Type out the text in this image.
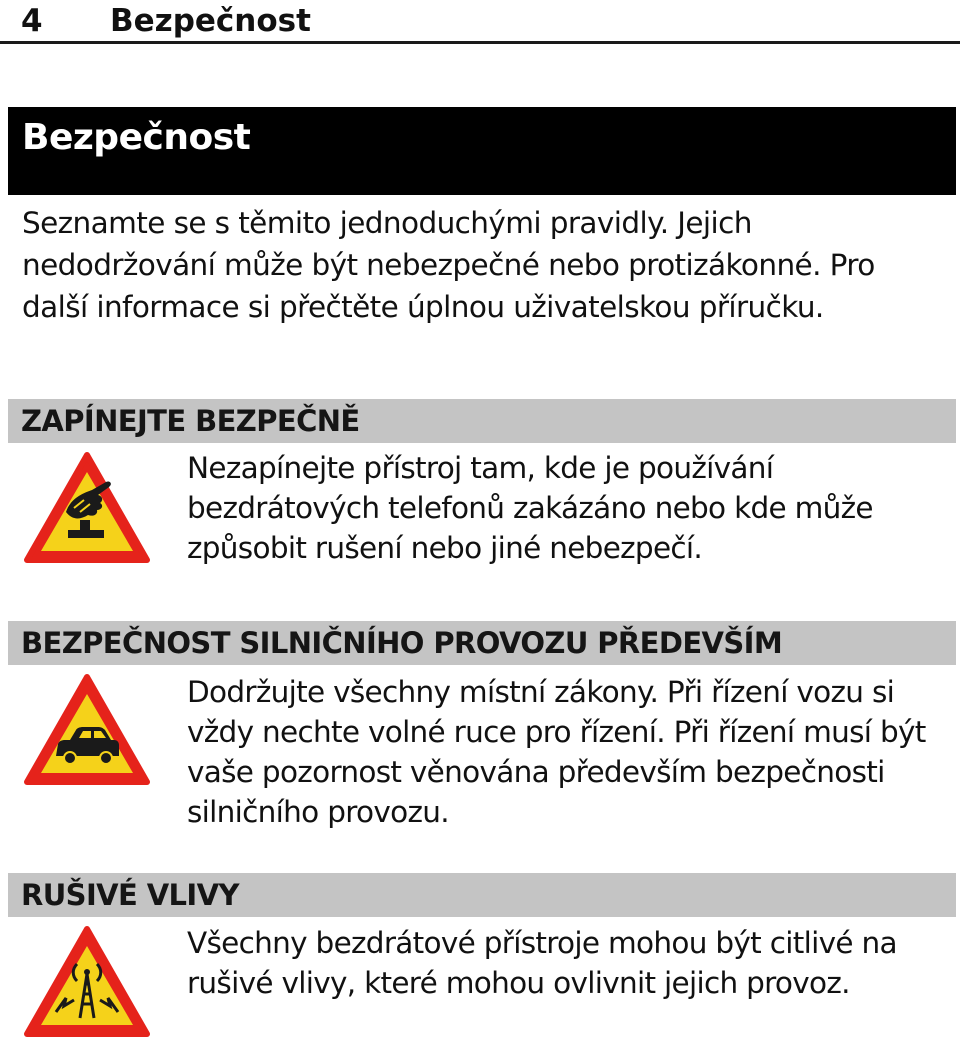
4 Bezpečnost
Bezpečnost

Seznamte se s těmito jednoduchými pravidly. Jejich nedodržování může být nebezpečné nebo protizákonné. Pro další informace si přečtěte úplnou uživatelskou příručku.

ZAPÍNEJTE BEZPEČNĚ

Nezapínejte přístroj tam, kde je používání bezdrátových telefonů zakázáno nebo kde může způsobit rušení nebo jiné nebezpečí.

BEZPEČNOST SILNIČNÍHO PROVOZU PŘEDEVŠÍM

Dodržujte všechny místní zákony. Při řízení vozu si vždy nechte volné ruce pro řízení. Při řízení musí být vaše pozornost věnována především bezpečnosti silničního provozu.

RUŠIVÉ VLIVY

Všechny bezdrátové přístroje mohou být citlivé na rušivé vlivy, které mohou ovlivnit jejich provoz.
